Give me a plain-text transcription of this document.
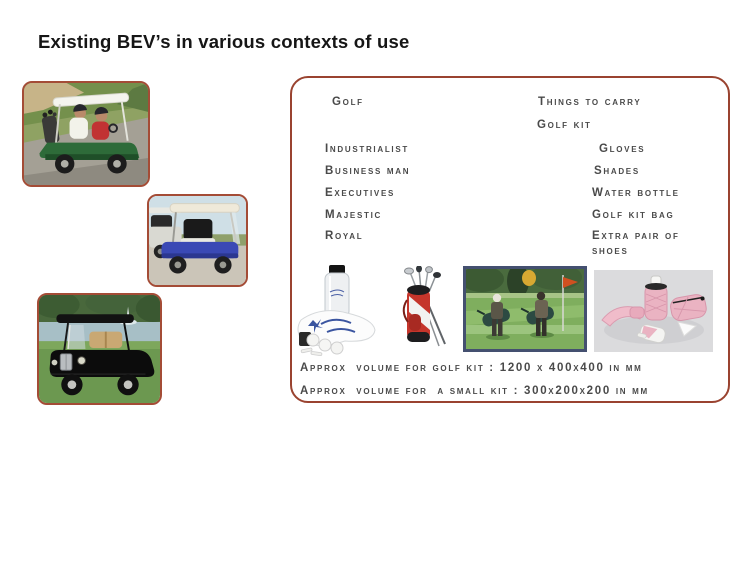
Existing BEV’s in various contexts of use
Golf	Things to carry
Golf kit
Industrialist
Business man
Executives
Majestic
Royal
Gloves
Shades
Water bottle
Golf kit bag
Extra pair of shoes
Approx  volume for golf kit : 1200 x 400x400 in mm
Approx  volume for  a small kit : 300x200x200 in mm
